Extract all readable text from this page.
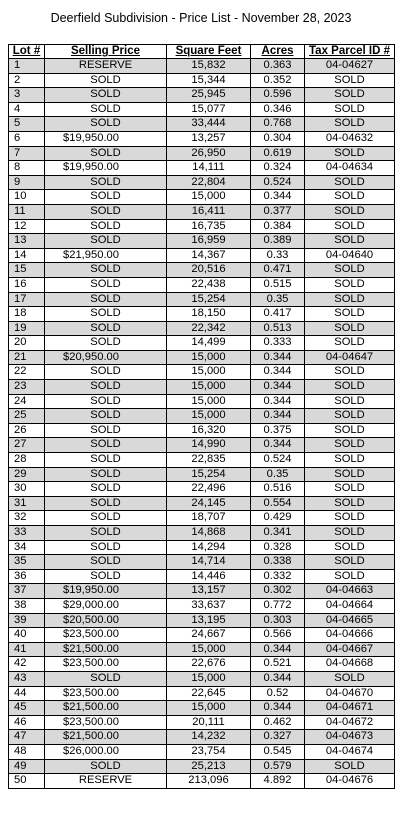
Deerfield Subdivision - Price List - November 28, 2023
Lot #	Selling Price	Square Feet	Acres	Tax Parcel ID #
1	RESERVE	15,832	0.363	04-04627
2	SOLD	15,344	0.352	SOLD
3	SOLD	25,945	0.596	SOLD
4	SOLD	15,077	0.346	SOLD
5	SOLD	33,444	0.768	SOLD
6	$19,950.00	13,257	0.304	04-04632
7	SOLD	26,950	0.619	SOLD
8	$19,950.00	14,111	0.324	04-04634
9	SOLD	22,804	0.524	SOLD
10	SOLD	15,000	0.344	SOLD
11	SOLD	16,411	0.377	SOLD
12	SOLD	16,735	0.384	SOLD
13	SOLD	16,959	0.389	SOLD
14	$21,950.00	14,367	0.33	04-04640
15	SOLD	20,516	0.471	SOLD
16	SOLD	22,438	0.515	SOLD
17	SOLD	15,254	0.35	SOLD
18	SOLD	18,150	0.417	SOLD
19	SOLD	22,342	0.513	SOLD
20	SOLD	14,499	0.333	SOLD
21	$20,950.00	15,000	0.344	04-04647
22	SOLD	15,000	0.344	SOLD
23	SOLD	15,000	0.344	SOLD
24	SOLD	15,000	0.344	SOLD
25	SOLD	15,000	0.344	SOLD
26	SOLD	16,320	0.375	SOLD
27	SOLD	14,990	0.344	SOLD
28	SOLD	22,835	0.524	SOLD
29	SOLD	15,254	0.35	SOLD
30	SOLD	22,496	0.516	SOLD
31	SOLD	24,145	0.554	SOLD
32	SOLD	18,707	0.429	SOLD
33	SOLD	14,868	0.341	SOLD
34	SOLD	14,294	0.328	SOLD
35	SOLD	14,714	0.338	SOLD
36	SOLD	14,446	0.332	SOLD
37	$19,950.00	13,157	0.302	04-04663
38	$29,000.00	33,637	0.772	04-04664
39	$20,500.00	13,195	0.303	04-04665
40	$23,500.00	24,667	0.566	04-04666
41	$21,500.00	15,000	0.344	04-04667
42	$23,500.00	22,676	0.521	04-04668
43	SOLD	15,000	0.344	SOLD
44	$23,500.00	22,645	0.52	04-04670
45	$21,500.00	15,000	0.344	04-04671
46	$23,500.00	20,111	0.462	04-04672
47	$21,500.00	14,232	0.327	04-04673
48	$26,000.00	23,754	0.545	04-04674
49	SOLD	25,213	0.579	SOLD
50	RESERVE	213,096	4.892	04-04676
